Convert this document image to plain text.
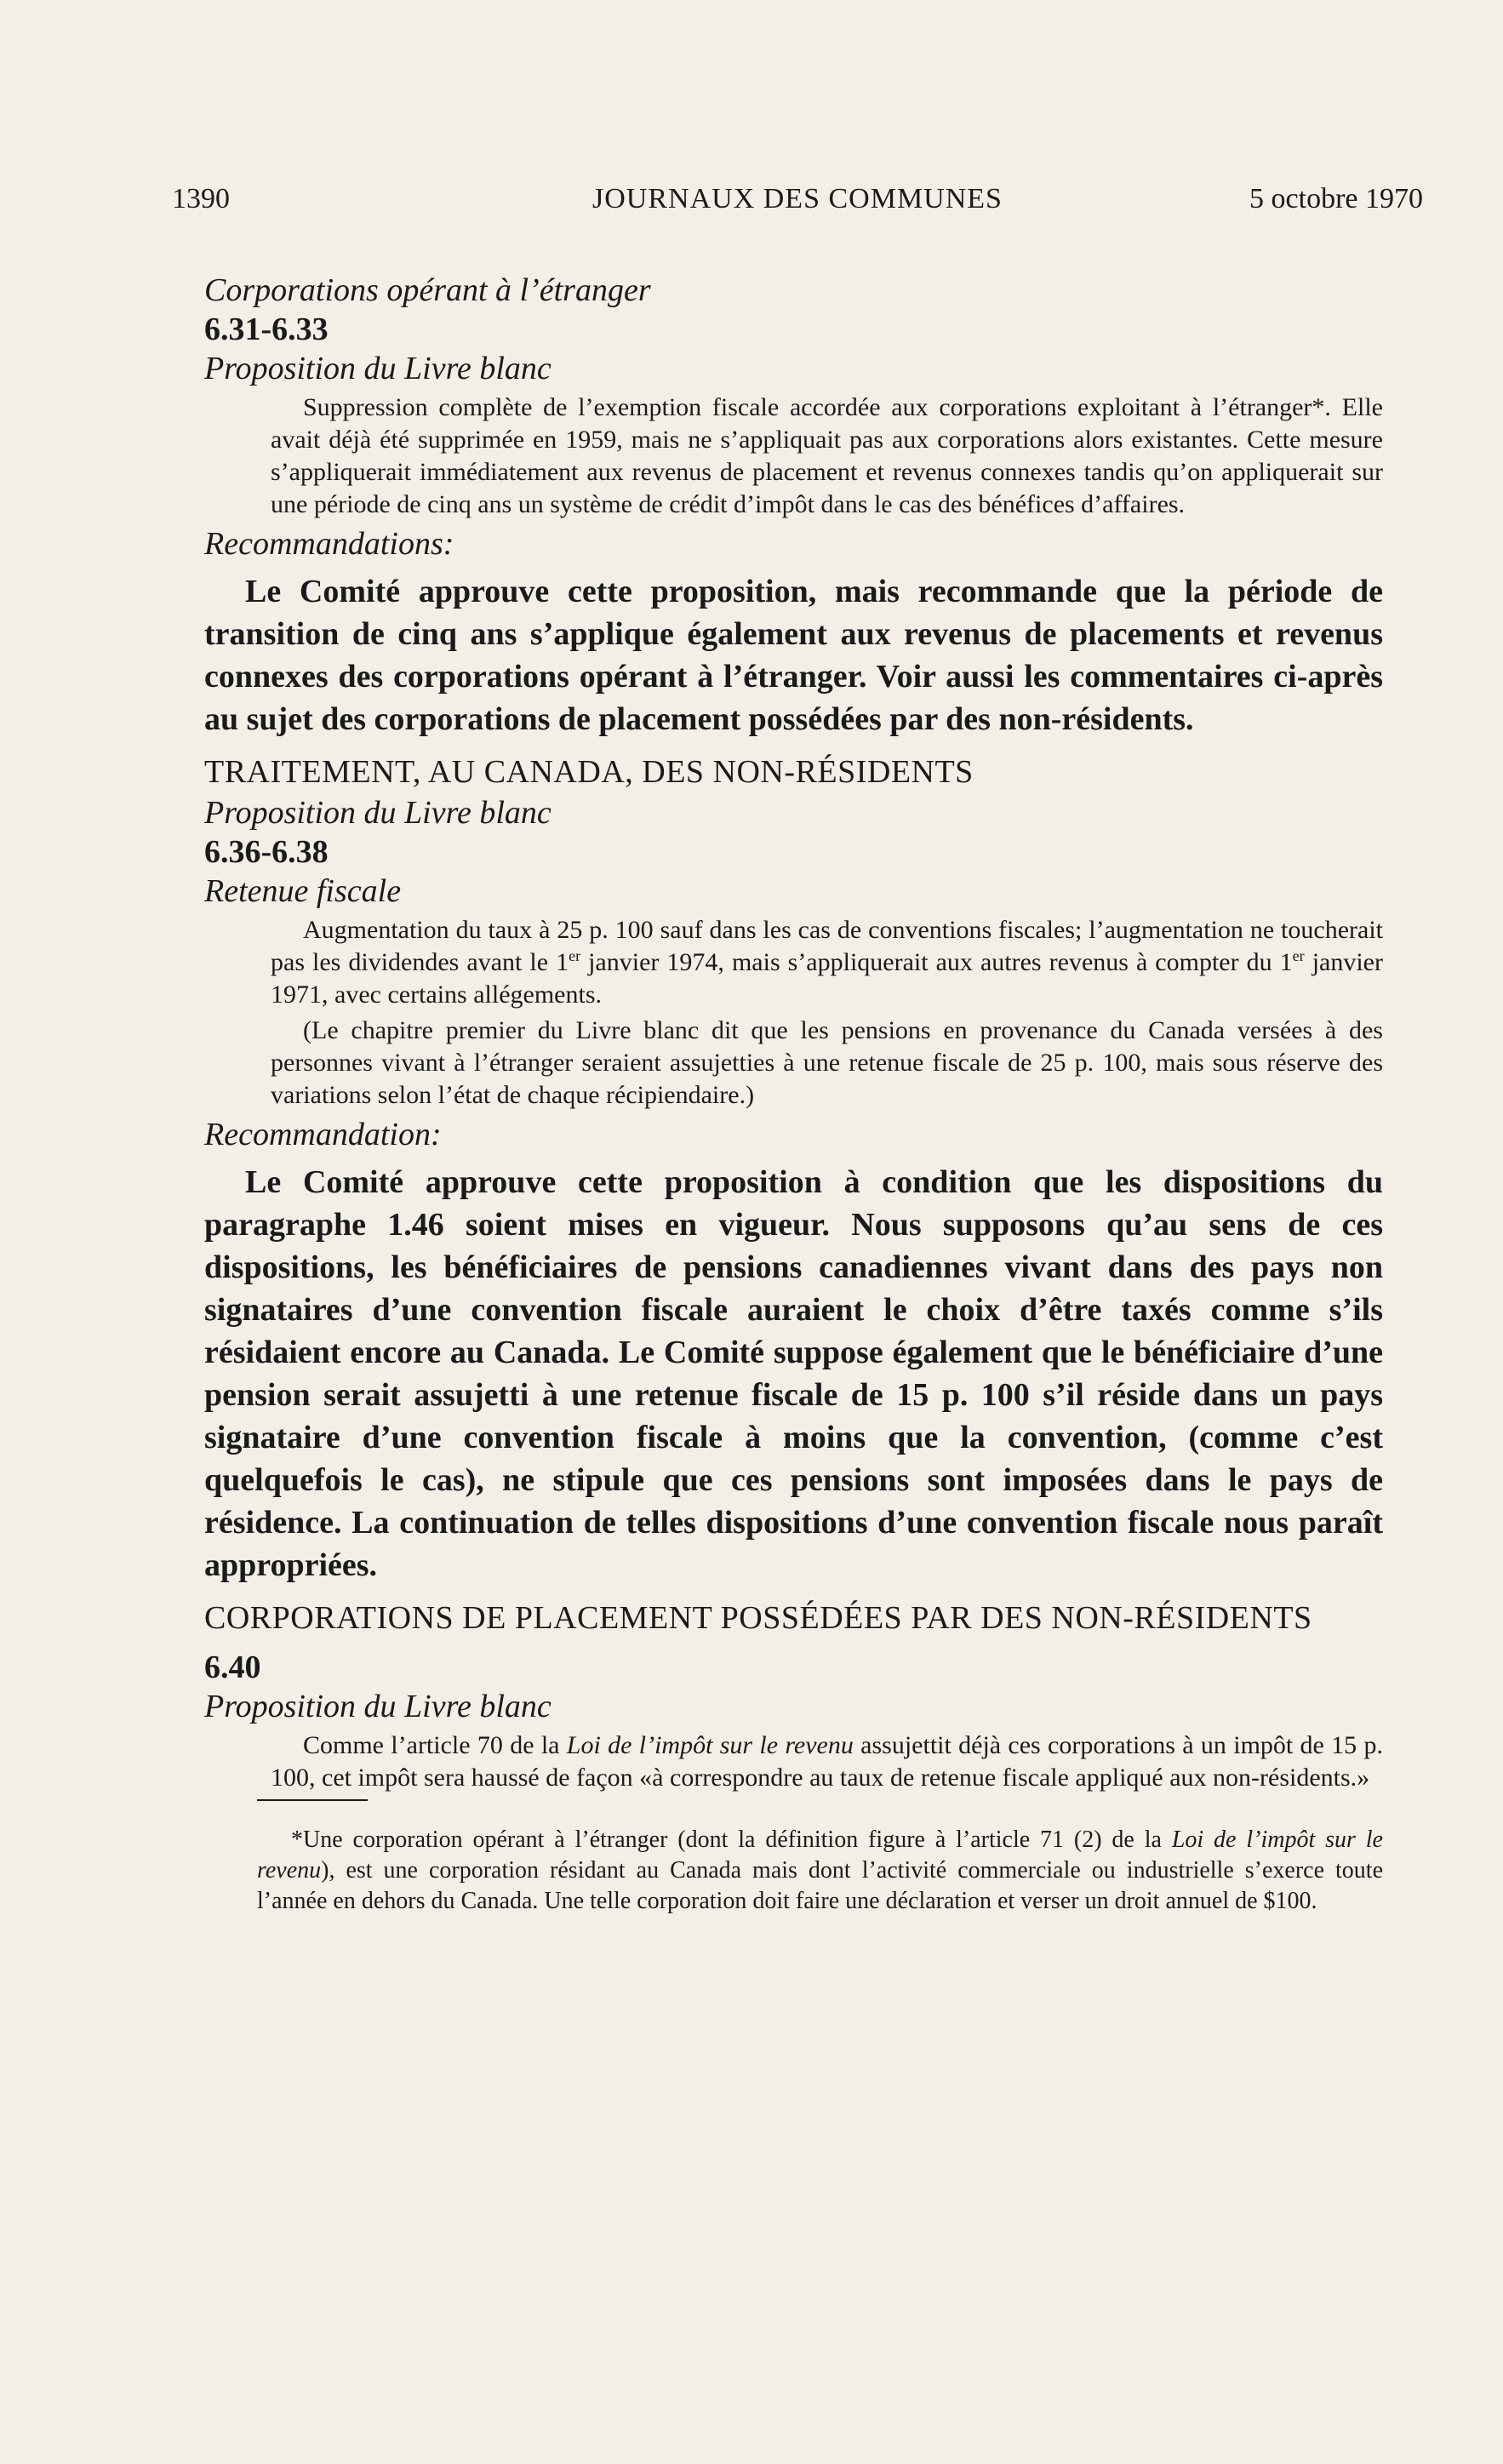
1390	JOURNAUX DES COMMUNES	5 octobre 1970
Corporations opérant à l’étranger
6.31-6.33
Proposition du Livre blanc

Suppression complète de l’exemption fiscale accordée aux corporations exploitant à l’étranger*. Elle avait déjà été supprimée en 1959, mais ne s’appliquait pas aux corporations alors existantes. Cette mesure s’appliquerait immédiatement aux revenus de placement et revenus connexes tandis qu’on appliquerait sur une période de cinq ans un système de crédit d’impôt dans le cas des bénéfices d’affaires.

Recommandations:

Le Comité approuve cette proposition, mais recommande que la période de transition de cinq ans s’applique également aux revenus de placements et revenus connexes des corporations opérant à l’étranger. Voir aussi les commentaires ci-après au sujet des corporations de placement possédées par des non-résidents.

TRAITEMENT, AU CANADA, DES NON-RÉSIDENTS
Proposition du Livre blanc
6.36-6.38
Retenue fiscale

Augmentation du taux à 25 p. 100 sauf dans les cas de conventions fiscales; l’augmentation ne toucherait pas les dividendes avant le 1er janvier 1974, mais s’appliquerait aux autres revenus à compter du 1er janvier 1971, avec certains allégements.

(Le chapitre premier du Livre blanc dit que les pensions en provenance du Canada versées à des personnes vivant à l’étranger seraient assujetties à une retenue fiscale de 25 p. 100, mais sous réserve des variations selon l’état de chaque récipiendaire.)

Recommandation:

Le Comité approuve cette proposition à condition que les dispositions du paragraphe 1.46 soient mises en vigueur. Nous supposons qu’au sens de ces dispositions, les bénéficiaires de pensions canadiennes vivant dans des pays non signataires d’une convention fiscale auraient le choix d’être taxés comme s’ils résidaient encore au Canada. Le Comité suppose également que le bénéficiaire d’une pension serait assujetti à une retenue fiscale de 15 p. 100 s’il réside dans un pays signataire d’une convention fiscale à moins que la convention, (comme c’est quelquefois le cas), ne stipule que ces pensions sont imposées dans le pays de résidence. La continuation de telles dispositions d’une convention fiscale nous paraît appropriées.

CORPORATIONS DE PLACEMENT POSSÉDÉES PAR DES NON-RÉSIDENTS
6.40
Proposition du Livre blanc

Comme l’article 70 de la Loi de l’impôt sur le revenu assujettit déjà ces corporations à un impôt de 15 p. 100, cet impôt sera haussé de façon «à correspondre au taux de retenue fiscale appliqué aux non-résidents.»

*Une corporation opérant à l’étranger (dont la définition figure à l’article 71 (2) de la Loi de l’impôt sur le revenu), est une corporation résidant au Canada mais dont l’activité commerciale ou industrielle s’exerce toute l’année en dehors du Canada. Une telle corporation doit faire une déclaration et verser un droit annuel de $100.
